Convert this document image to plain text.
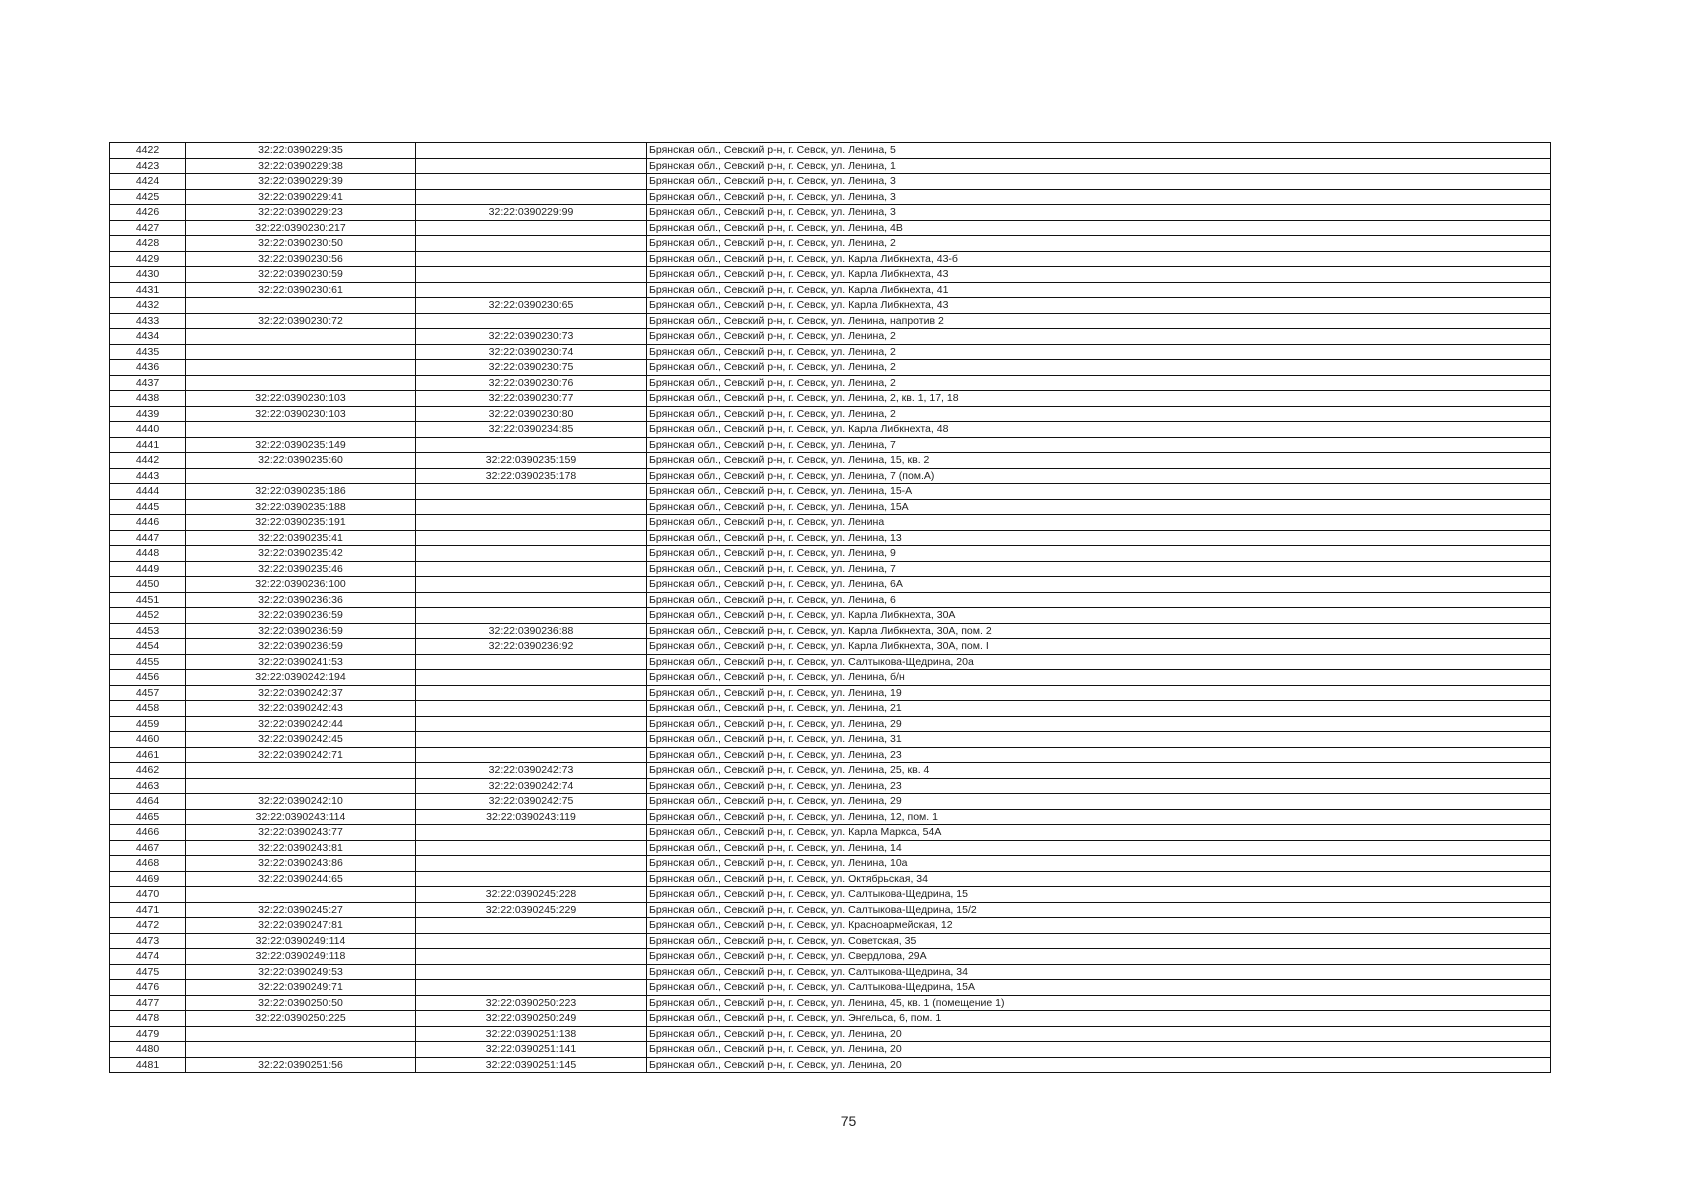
4422	32:22:0390229:35		Брянская обл., Севский р-н, г. Севск, ул. Ленина, 5
4423	32:22:0390229:38		Брянская обл., Севский р-н, г. Севск, ул. Ленина, 1
4424	32:22:0390229:39		Брянская обл., Севский р-н, г. Севск, ул. Ленина, 3
4425	32:22:0390229:41		Брянская обл., Севский р-н, г. Севск, ул. Ленина, 3
4426	32:22:0390229:23	32:22:0390229:99	Брянская обл., Севский р-н, г. Севск, ул. Ленина, 3
4427	32:22:0390230:217		Брянская обл., Севский р-н, г. Севск, ул. Ленина, 4В
4428	32:22:0390230:50		Брянская обл., Севский р-н, г. Севск, ул. Ленина, 2
4429	32:22:0390230:56		Брянская обл., Севский р-н, г. Севск, ул. Карла Либкнехта, 43-б
4430	32:22:0390230:59		Брянская обл., Севский р-н, г. Севск, ул. Карла Либкнехта, 43
4431	32:22:0390230:61		Брянская обл., Севский р-н, г. Севск, ул. Карла Либкнехта, 41
4432		32:22:0390230:65	Брянская обл., Севский р-н, г. Севск, ул. Карла Либкнехта, 43
4433	32:22:0390230:72		Брянская обл., Севский р-н, г. Севск, ул. Ленина, напротив 2
4434		32:22:0390230:73	Брянская обл., Севский р-н, г. Севск, ул. Ленина, 2
4435		32:22:0390230:74	Брянская обл., Севский р-н, г. Севск, ул. Ленина, 2
4436		32:22:0390230:75	Брянская обл., Севский р-н, г. Севск, ул. Ленина, 2
4437		32:22:0390230:76	Брянская обл., Севский р-н, г. Севск, ул. Ленина, 2
4438	32:22:0390230:103	32:22:0390230:77	Брянская обл., Севский р-н, г. Севск, ул. Ленина, 2, кв. 1, 17, 18
4439	32:22:0390230:103	32:22:0390230:80	Брянская обл., Севский р-н, г. Севск, ул. Ленина, 2
4440		32:22:0390234:85	Брянская обл., Севский р-н, г. Севск, ул. Карла Либкнехта, 48
4441	32:22:0390235:149		Брянская обл., Севский р-н, г. Севск, ул. Ленина, 7
4442	32:22:0390235:60	32:22:0390235:159	Брянская обл., Севский р-н, г. Севск, ул. Ленина, 15, кв. 2
4443		32:22:0390235:178	Брянская обл., Севский р-н, г. Севск, ул. Ленина, 7 (пом.А)
4444	32:22:0390235:186		Брянская обл., Севский р-н, г. Севск, ул. Ленина, 15-А
4445	32:22:0390235:188		Брянская обл., Севский р-н, г. Севск, ул. Ленина, 15А
4446	32:22:0390235:191		Брянская обл., Севский р-н, г. Севск, ул. Ленина
4447	32:22:0390235:41		Брянская обл., Севский р-н, г. Севск, ул. Ленина, 13
4448	32:22:0390235:42		Брянская обл., Севский р-н, г. Севск, ул. Ленина, 9
4449	32:22:0390235:46		Брянская обл., Севский р-н, г. Севск, ул. Ленина, 7
4450	32:22:0390236:100		Брянская обл., Севский р-н, г. Севск, ул. Ленина, 6А
4451	32:22:0390236:36		Брянская обл., Севский р-н, г. Севск, ул. Ленина, 6
4452	32:22:0390236:59		Брянская обл., Севский р-н, г. Севск, ул. Карла Либкнехта, 30А
4453	32:22:0390236:59	32:22:0390236:88	Брянская обл., Севский р-н, г. Севск, ул. Карла Либкнехта, 30А, пом. 2
4454	32:22:0390236:59	32:22:0390236:92	Брянская обл., Севский р-н, г. Севск, ул. Карла Либкнехта, 30А, пом. I
4455	32:22:0390241:53		Брянская обл., Севский р-н, г. Севск, ул. Салтыкова-Щедрина, 20а
4456	32:22:0390242:194		Брянская обл., Севский р-н, г. Севск, ул. Ленина, б/н
4457	32:22:0390242:37		Брянская обл., Севский р-н, г. Севск, ул. Ленина, 19
4458	32:22:0390242:43		Брянская обл., Севский р-н, г. Севск, ул. Ленина, 21
4459	32:22:0390242:44		Брянская обл., Севский р-н, г. Севск, ул. Ленина, 29
4460	32:22:0390242:45		Брянская обл., Севский р-н, г. Севск, ул. Ленина, 31
4461	32:22:0390242:71		Брянская обл., Севский р-н, г. Севск, ул. Ленина, 23
4462		32:22:0390242:73	Брянская обл., Севский р-н, г. Севск, ул. Ленина, 25, кв. 4
4463		32:22:0390242:74	Брянская обл., Севский р-н, г. Севск, ул. Ленина, 23
4464	32:22:0390242:10	32:22:0390242:75	Брянская обл., Севский р-н, г. Севск, ул. Ленина, 29
4465	32:22:0390243:114	32:22:0390243:119	Брянская обл., Севский р-н, г. Севск, ул. Ленина, 12, пом. 1
4466	32:22:0390243:77		Брянская обл., Севский р-н, г. Севск, ул. Карла Маркса, 54А
4467	32:22:0390243:81		Брянская обл., Севский р-н, г. Севск, ул. Ленина, 14
4468	32:22:0390243:86		Брянская обл., Севский р-н, г. Севск, ул. Ленина, 10а
4469	32:22:0390244:65		Брянская обл., Севский р-н, г. Севск, ул. Октябрьская, 34
4470		32:22:0390245:228	Брянская обл., Севский р-н, г. Севск, ул. Салтыкова-Щедрина, 15
4471	32:22:0390245:27	32:22:0390245:229	Брянская обл., Севский р-н, г. Севск, ул. Салтыкова-Щедрина, 15/2
4472	32:22:0390247:81		Брянская обл., Севский р-н, г. Севск, ул. Красноармейская, 12
4473	32:22:0390249:114		Брянская обл., Севский р-н, г. Севск, ул. Советская, 35
4474	32:22:0390249:118		Брянская обл., Севский р-н, г. Севск, ул. Свердлова, 29А
4475	32:22:0390249:53		Брянская обл., Севский р-н, г. Севск, ул. Салтыкова-Щедрина, 34
4476	32:22:0390249:71		Брянская обл., Севский р-н, г. Севск, ул. Салтыкова-Щедрина, 15А
4477	32:22:0390250:50	32:22:0390250:223	Брянская обл., Севский р-н, г. Севск, ул. Ленина, 45, кв. 1 (помещение 1)
4478	32:22:0390250:225	32:22:0390250:249	Брянская обл., Севский р-н, г. Севск, ул. Энгельса, 6, пом. 1
4479		32:22:0390251:138	Брянская обл., Севский р-н, г. Севск, ул. Ленина, 20
4480		32:22:0390251:141	Брянская обл., Севский р-н, г. Севск, ул. Ленина, 20
4481	32:22:0390251:56	32:22:0390251:145	Брянская обл., Севский р-н, г. Севск, ул. Ленина, 20
75
